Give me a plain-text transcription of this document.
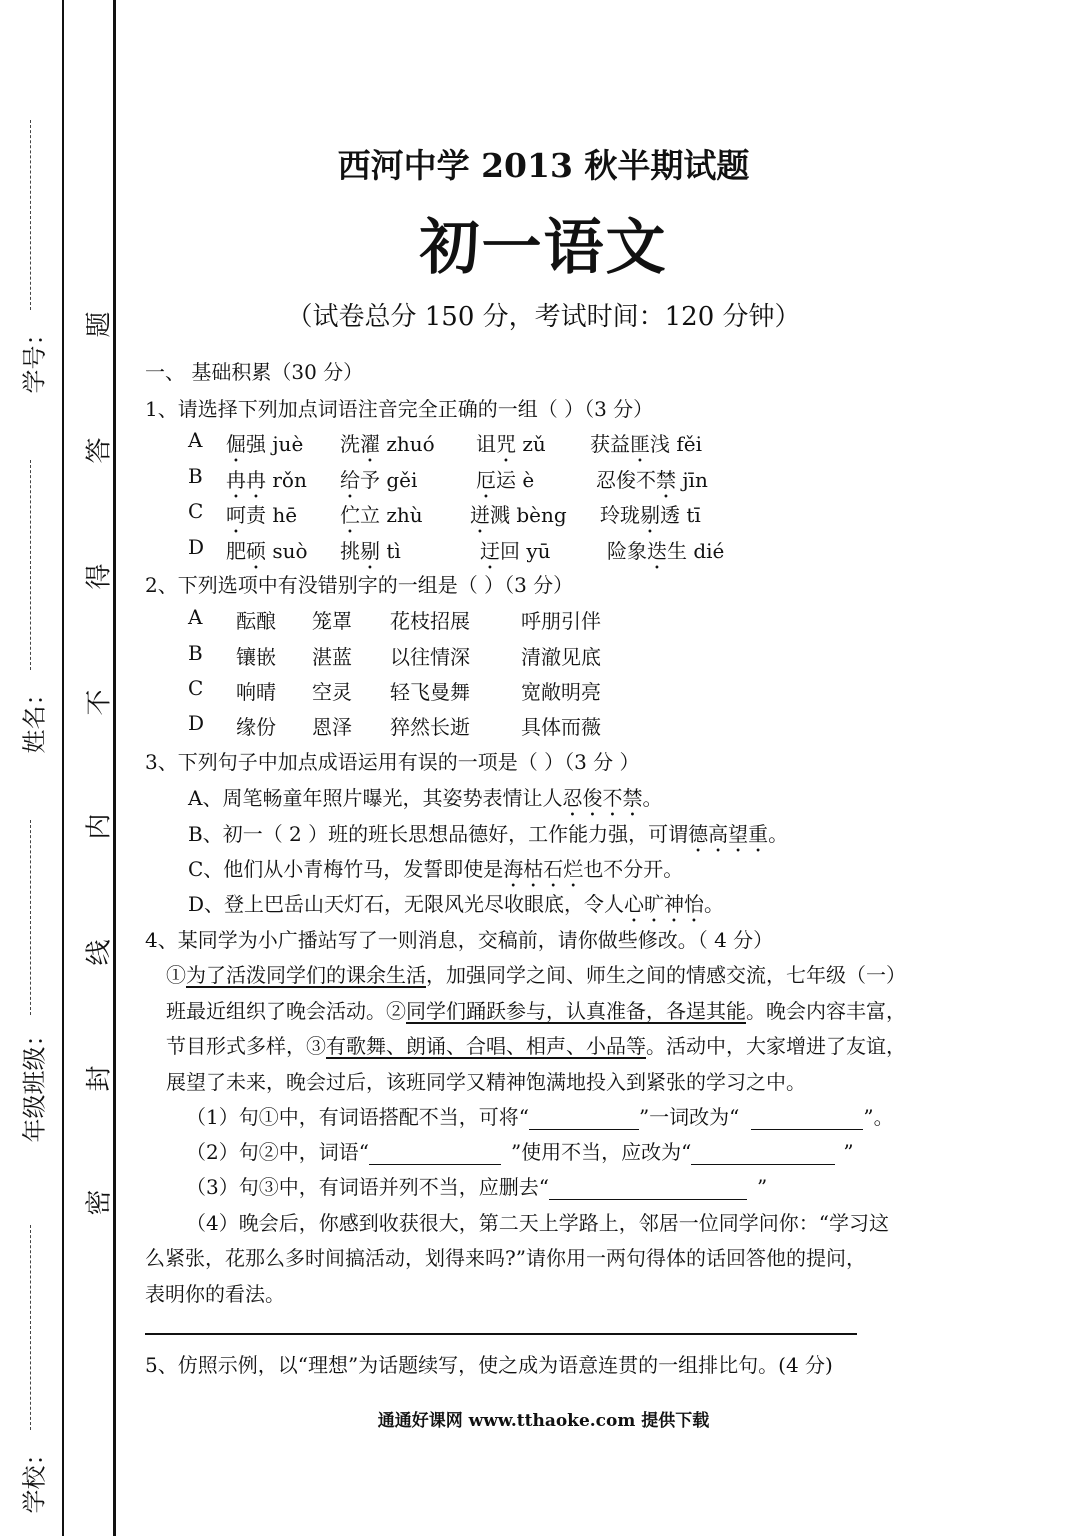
学号：
姓名：
年级班级：
学校：
题
答
得
不
内
线
封
密
西河中学 2013 秋半期试题
初一语文
（试卷总分 150 分，考试时间：120 分钟）
一、 基础积累（30 分）
1、请选择下列加点词语注音完全正确的一组（ ）（3 分）
A 倔强 juè 洗濯 zhuó 诅咒 zǔ 获益匪浅 fěi
B 冉冉 rǒn 给予 gěi	厄运 è	忍俊不禁 jīn
C 呵责 hē 伫立 zhù 迸溅 bèng 玲珑剔透 tī
D 肥硕 suò 挑剔 tì	迂回 yū	险象迭生 dié
2、下列选项中有没错别字的一组是（ ）（3 分）
A 酝酿 笼罩 花枝招展	呼朋引伴
B 镶嵌 湛蓝 以往情深	清澈见底
C 响晴 空灵 轻飞曼舞	宽敞明亮
D 缘份 恩泽 猝然长逝	具体而薇
3、下列句子中加点成语运用有误的一项是（ ）（3 分 ）
A、周笔畅童年照片曝光，其姿势表情让人忍俊不禁。
B、初一（ 2 ）班的班长思想品德好，工作能力强，可谓德高望重。
C、他们从小青梅竹马，发誓即使是海枯石烂也不分开。
D、登上巴岳山天灯石，无限风光尽收眼底，令人心旷神怡。
4、某同学为小广播站写了一则消息，交稿前，请你做些修改。（ 4 分）
①为了活泼同学们的课余生活，加强同学之间、师生之间的情感交流，七年级（一）
班最近组织了晚会活动。②同学们踊跃参与，认真准备，各逞其能。晚会内容丰富，
节目形式多样，③有歌舞、朗诵、合唱、相声、小品等。活动中，大家增进了友谊，
展望了未来，晚会过后，该班同学又精神饱满地投入到紧张的学习之中。
（1）句①中，有词语搭配不当，可将“	”一词改为“	”。
（2）句②中，词语“	”使用不当，应改为“	”
（3）句③中，有词语并列不当，应删去“	”
（4）晚会后，你感到收获很大，第二天上学路上，邻居一位同学问你：“学习这
么紧张，花那么多时间搞活动，划得来吗?”请你用一两句得体的话回答他的提问，
表明你的看法。
5、仿照示例，以“理想”为话题续写，使之成为语意连贯的一组排比句。(4 分)
通通好课网 www.tthaoke.com 提供下载
